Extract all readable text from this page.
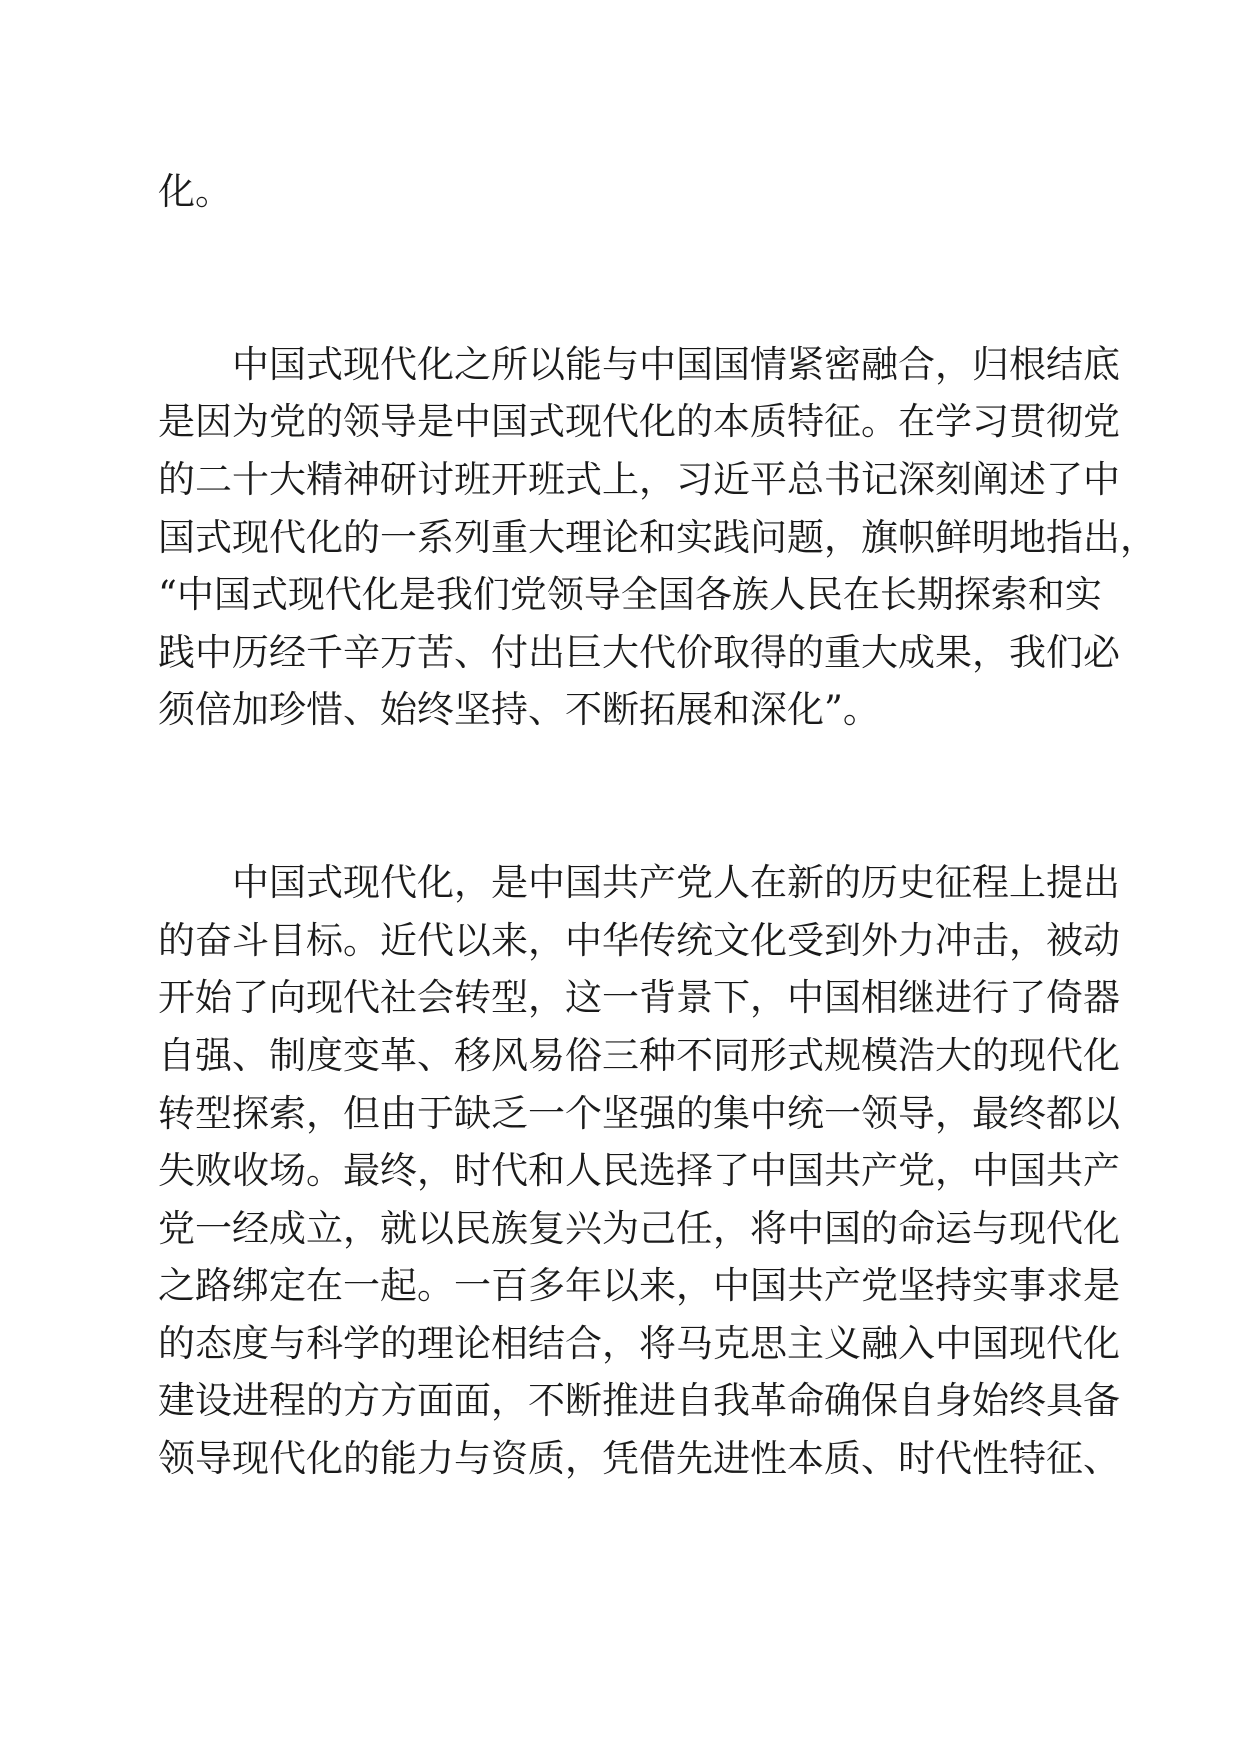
化。
中国式现代化之所以能与中国国情紧密融合，归根结底
是因为党的领导是中国式现代化的本质特征。在学习贯彻党
的二十大精神研讨班开班式上，习近平总书记深刻阐述了中
国式现代化的一系列重大理论和实践问题，旗帜鲜明地指出，
“中国式现代化是我们党领导全国各族人民在长期探索和实
践中历经千辛万苦、付出巨大代价取得的重大成果，我们必
须倍加珍惜、始终坚持、不断拓展和深化”。
中国式现代化，是中国共产党人在新的历史征程上提出
的奋斗目标。近代以来，中华传统文化受到外力冲击，被动
开始了向现代社会转型，这一背景下，中国相继进行了倚器
自强、制度变革、移风易俗三种不同形式规模浩大的现代化
转型探索，但由于缺乏一个坚强的集中统一领导，最终都以
失败收场。最终，时代和人民选择了中国共产党，中国共产
党一经成立，就以民族复兴为己任，将中国的命运与现代化
之路绑定在一起。一百多年以来，中国共产党坚持实事求是
的态度与科学的理论相结合，将马克思主义融入中国现代化
建设进程的方方面面，不断推进自我革命确保自身始终具备
领导现代化的能力与资质，凭借先进性本质、时代性特征、
